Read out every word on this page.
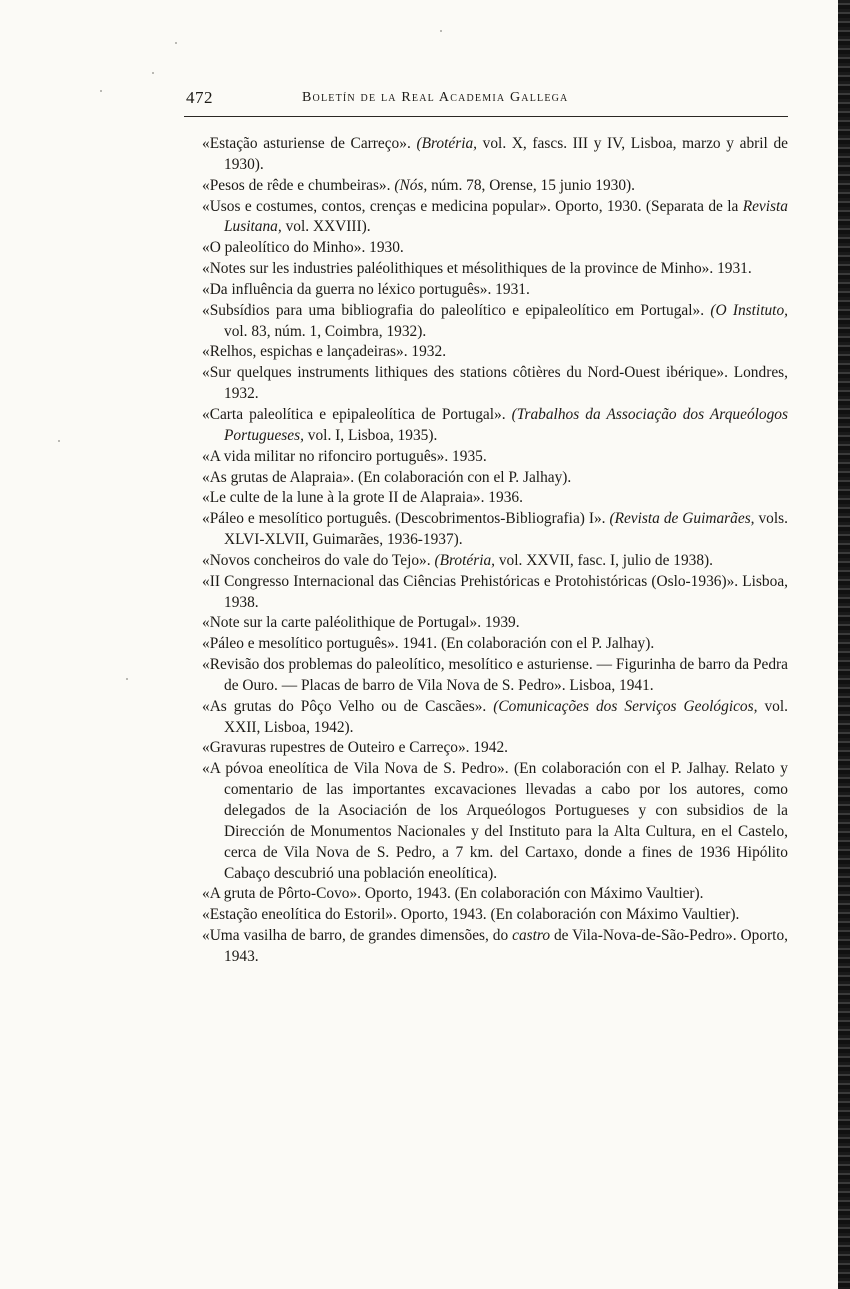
472	Boletín de la Real Academia Gallega

«Estação asturiense de Carreço». (Brotéria, vol. X, fascs. III y IV, Lisboa, marzo y abril de 1930).

«Pesos de rêde e chumbeiras». (Nós, núm. 78, Orense, 15 junio 1930).

«Usos e costumes, contos, crenças e medicina popular». Oporto, 1930. (Separata de la Revista Lusitana, vol. XXVIII).

«O paleolítico do Minho». 1930.

«Notes sur les industries paléolithiques et mésolithiques de la province de Minho». 1931.

«Da influência da guerra no léxico português». 1931.

«Subsídios para uma bibliografia do paleolítico e epipaleolítico em Portugal». (O Instituto, vol. 83, núm. 1, Coimbra, 1932).

«Relhos, espichas e lançadeiras». 1932.

«Sur quelques instruments lithiques des stations côtières du Nord-Ouest ibérique». Londres, 1932.

«Carta paleolítica e epipaleolítica de Portugal». (Trabalhos da Associação dos Arqueólogos Portugueses, vol. I, Lisboa, 1935).

«A vida militar no rifonciro português». 1935.

«As grutas de Alapraia». (En colaboración con el P. Jalhay).

«Le culte de la lune à la grote II de Alapraia». 1936.

«Páleo e mesolítico português. (Descobrimentos-Bibliografia) I». (Revista de Guimarães, vols. XLVI-XLVII, Guimarães, 1936-1937).

«Novos concheiros do vale do Tejo». (Brotéria, vol. XXVII, fasc. I, julio de 1938).

«II Congresso Internacional das Ciências Prehistóricas e Protohistóricas (Oslo-1936)». Lisboa, 1938.

«Note sur la carte paléolithique de Portugal». 1939.

«Páleo e mesolítico português». 1941. (En colaboración con el P. Jalhay).

«Revisão dos problemas do paleolítico, mesolítico e asturiense. — Figurinha de barro da Pedra de Ouro. — Placas de barro de Vila Nova de S. Pedro». Lisboa, 1941.

«As grutas do Pôço Velho ou de Cascães». (Comunicações dos Serviços Geológicos, vol. XXII, Lisboa, 1942).

«Gravuras rupestres de Outeiro e Carreço». 1942.

«A póvoa eneolítica de Vila Nova de S. Pedro». (En colaboración con el P. Jalhay. Relato y comentario de las importantes excavaciones llevadas a cabo por los autores, como delegados de la Asociación de los Arqueólogos Portugueses y con subsidios de la Dirección de Monumentos Nacionales y del Instituto para la Alta Cultura, en el Castelo, cerca de Vila Nova de S. Pedro, a 7 km. del Cartaxo, donde a fines de 1936 Hipólito Cabaço descubrió una población eneolítica).

«A gruta de Pôrto-Covo». Oporto, 1943. (En colaboración con Máximo Vaultier).

«Estação eneolítica do Estoril». Oporto, 1943. (En colaboración con Máximo Vaultier).

«Uma vasilha de barro, de grandes dimensões, do castro de Vila-Nova-de-São-Pedro». Oporto, 1943.
